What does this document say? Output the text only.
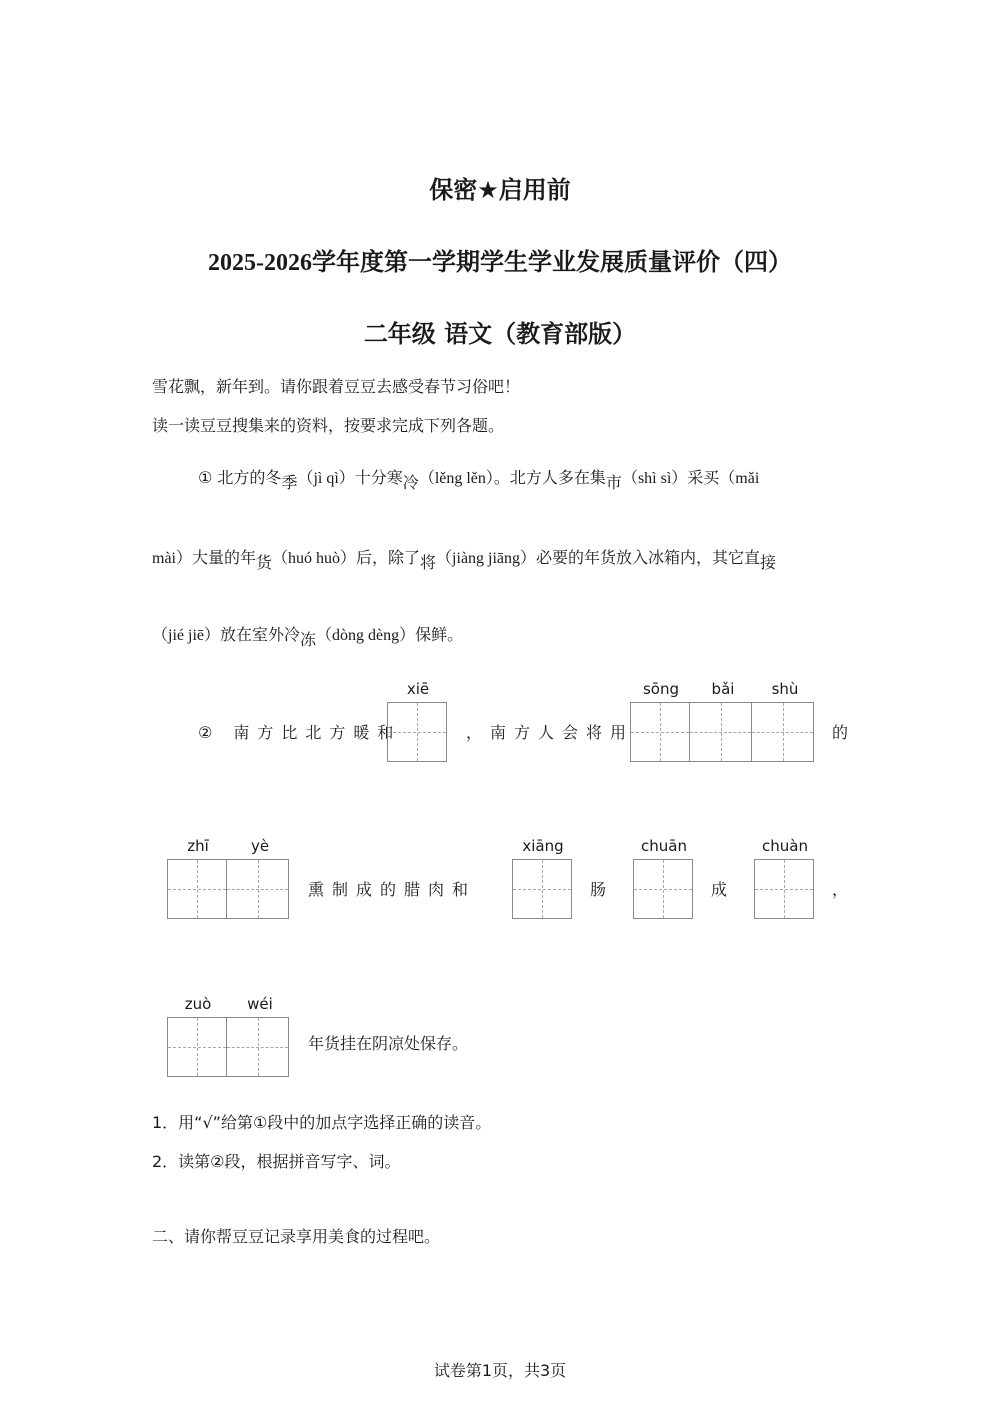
保密★启用前
2025-2026学年度第一学期学生学业发展质量评价（四）
二年级 语文（教育部版）
雪花飘，新年到。请你跟着豆豆去感受春节习俗吧！
读一读豆豆搜集来的资料，按要求完成下列各题。
① 北方的冬季（jì qì）十分寒冷（lěng lěn）。北方人多在集市（shì sì）采买（mǎi
mài）大量的年货（huó huò）后，除了将（jiàng jiāng）必要的年货放入冰箱内，其它直接
（jié jiē）放在室外冷冻（dòng dèng）保鲜。
② 南方比北方暖和
xiē
，南方人会将用
sōng	bǎi	shù
的
zhī	yè
熏制成的腊肉和
xiāng
肠
chuān
成
chuàn
，
zuò	wéi
年货挂在阴凉处保存。
1．用“√”给第①段中的加点字选择正确的读音。
2．读第②段，根据拼音写字、词。
二、请你帮豆豆记录享用美食的过程吧。
试卷第1页，共3页
